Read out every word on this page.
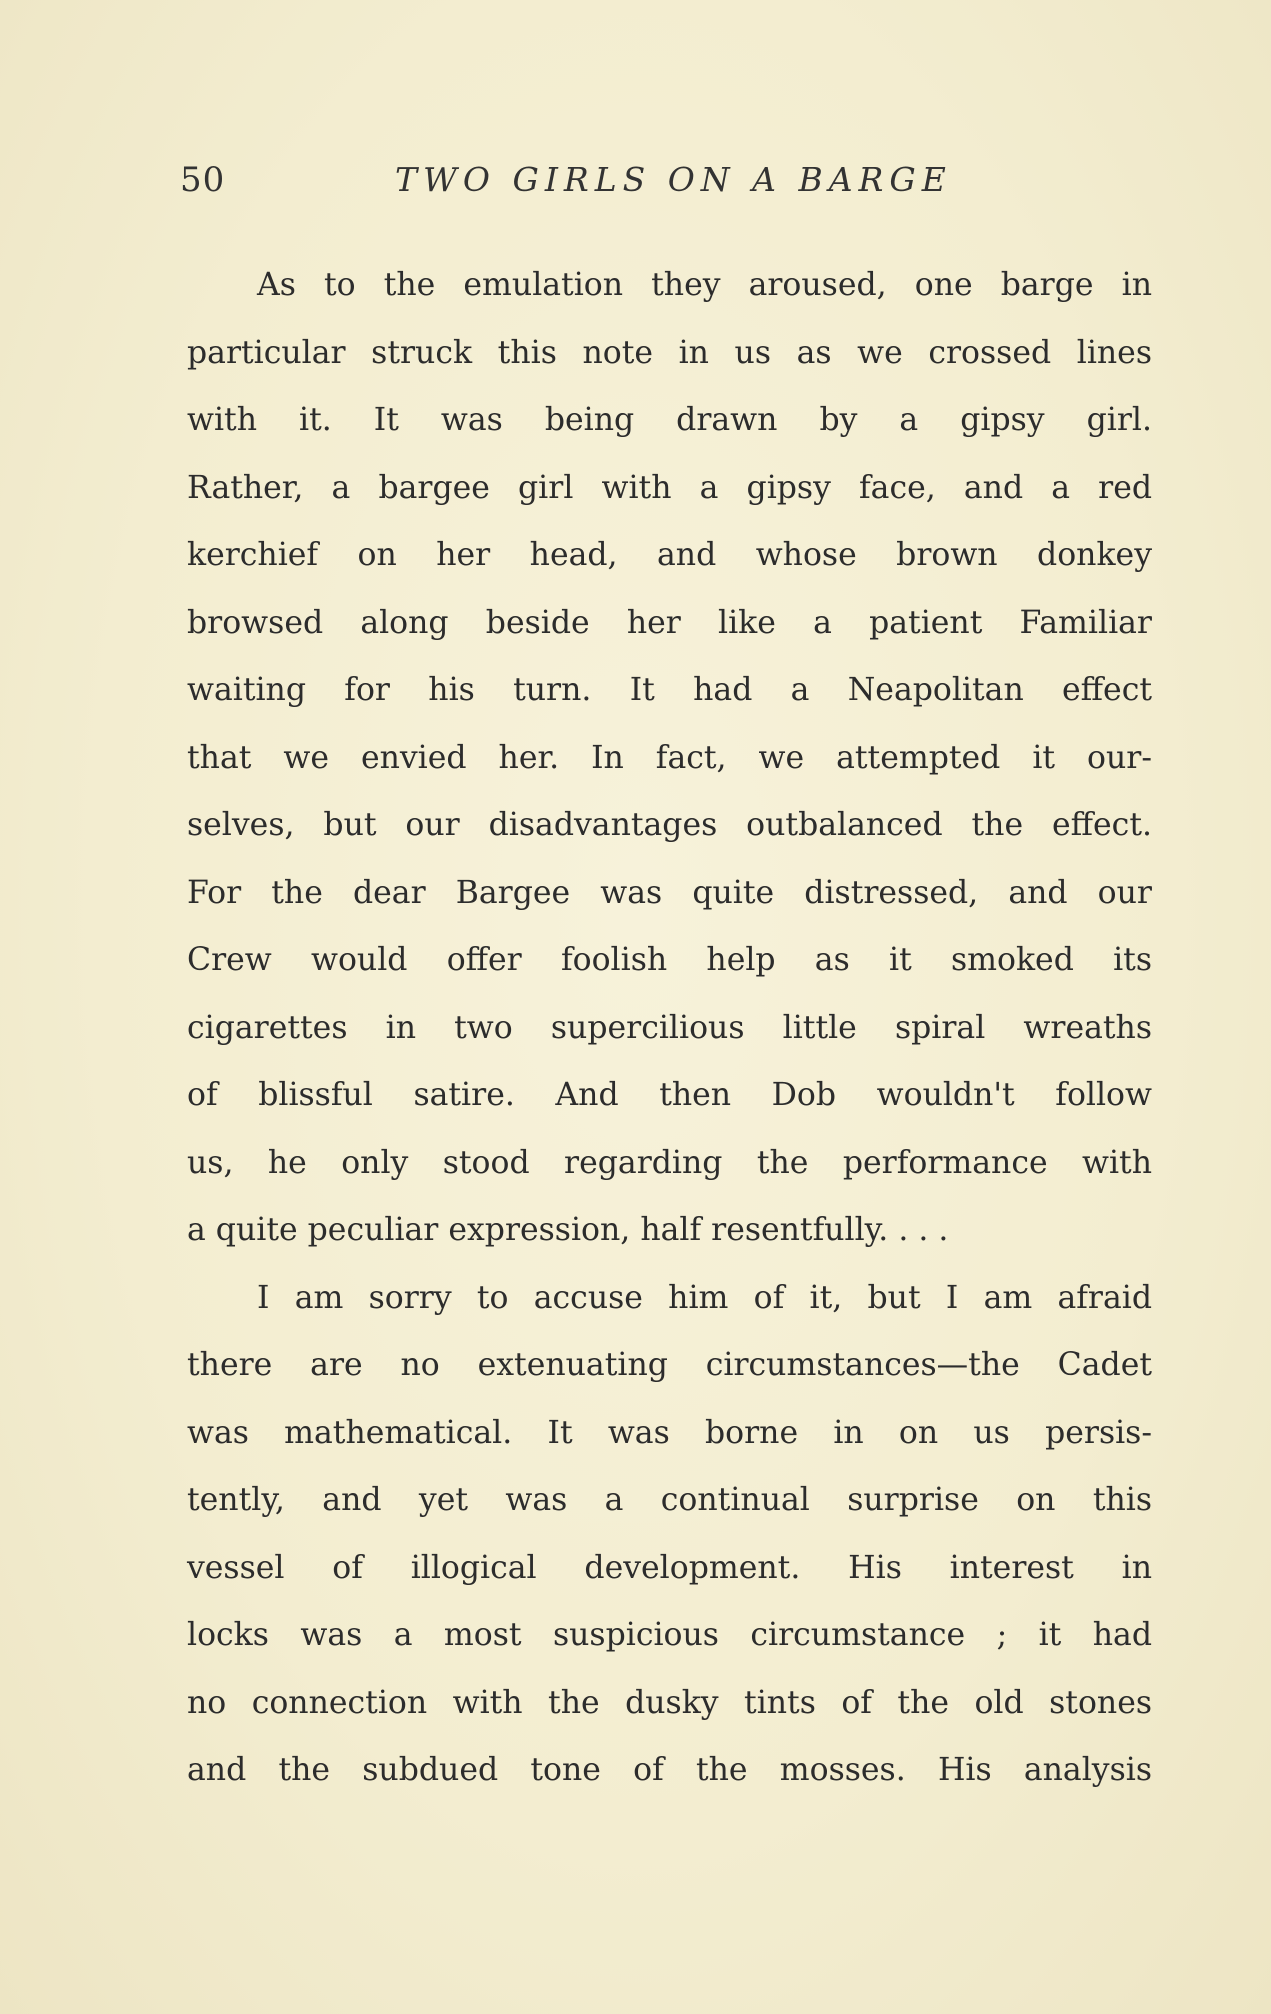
50	TWO GIRLS ON A BARGE
As to the emulation they aroused, one barge in
particular struck this note in us as we crossed lines
with it. It was being drawn by a gipsy girl.
Rather, a bargee girl with a gipsy face, and a red
kerchief on her head, and whose brown donkey
browsed along beside her like a patient Familiar
waiting for his turn. It had a Neapolitan effect
that we envied her. In fact, we attempted it our-
selves, but our disadvantages outbalanced the effect.
For the dear Bargee was quite distressed, and our
Crew would offer foolish help as it smoked its
cigarettes in two supercilious little spiral wreaths
of blissful satire. And then Dob wouldn't follow
us, he only stood regarding the performance with
a quite peculiar expression, half resentfully. . . .
I am sorry to accuse him of it, but I am afraid
there are no extenuating circumstances—the Cadet
was mathematical. It was borne in on us persis-
tently, and yet was a continual surprise on this
vessel of illogical development. His interest in
locks was a most suspicious circumstance ; it had
no connection with the dusky tints of the old stones
and the subdued tone of the mosses. His analysis
